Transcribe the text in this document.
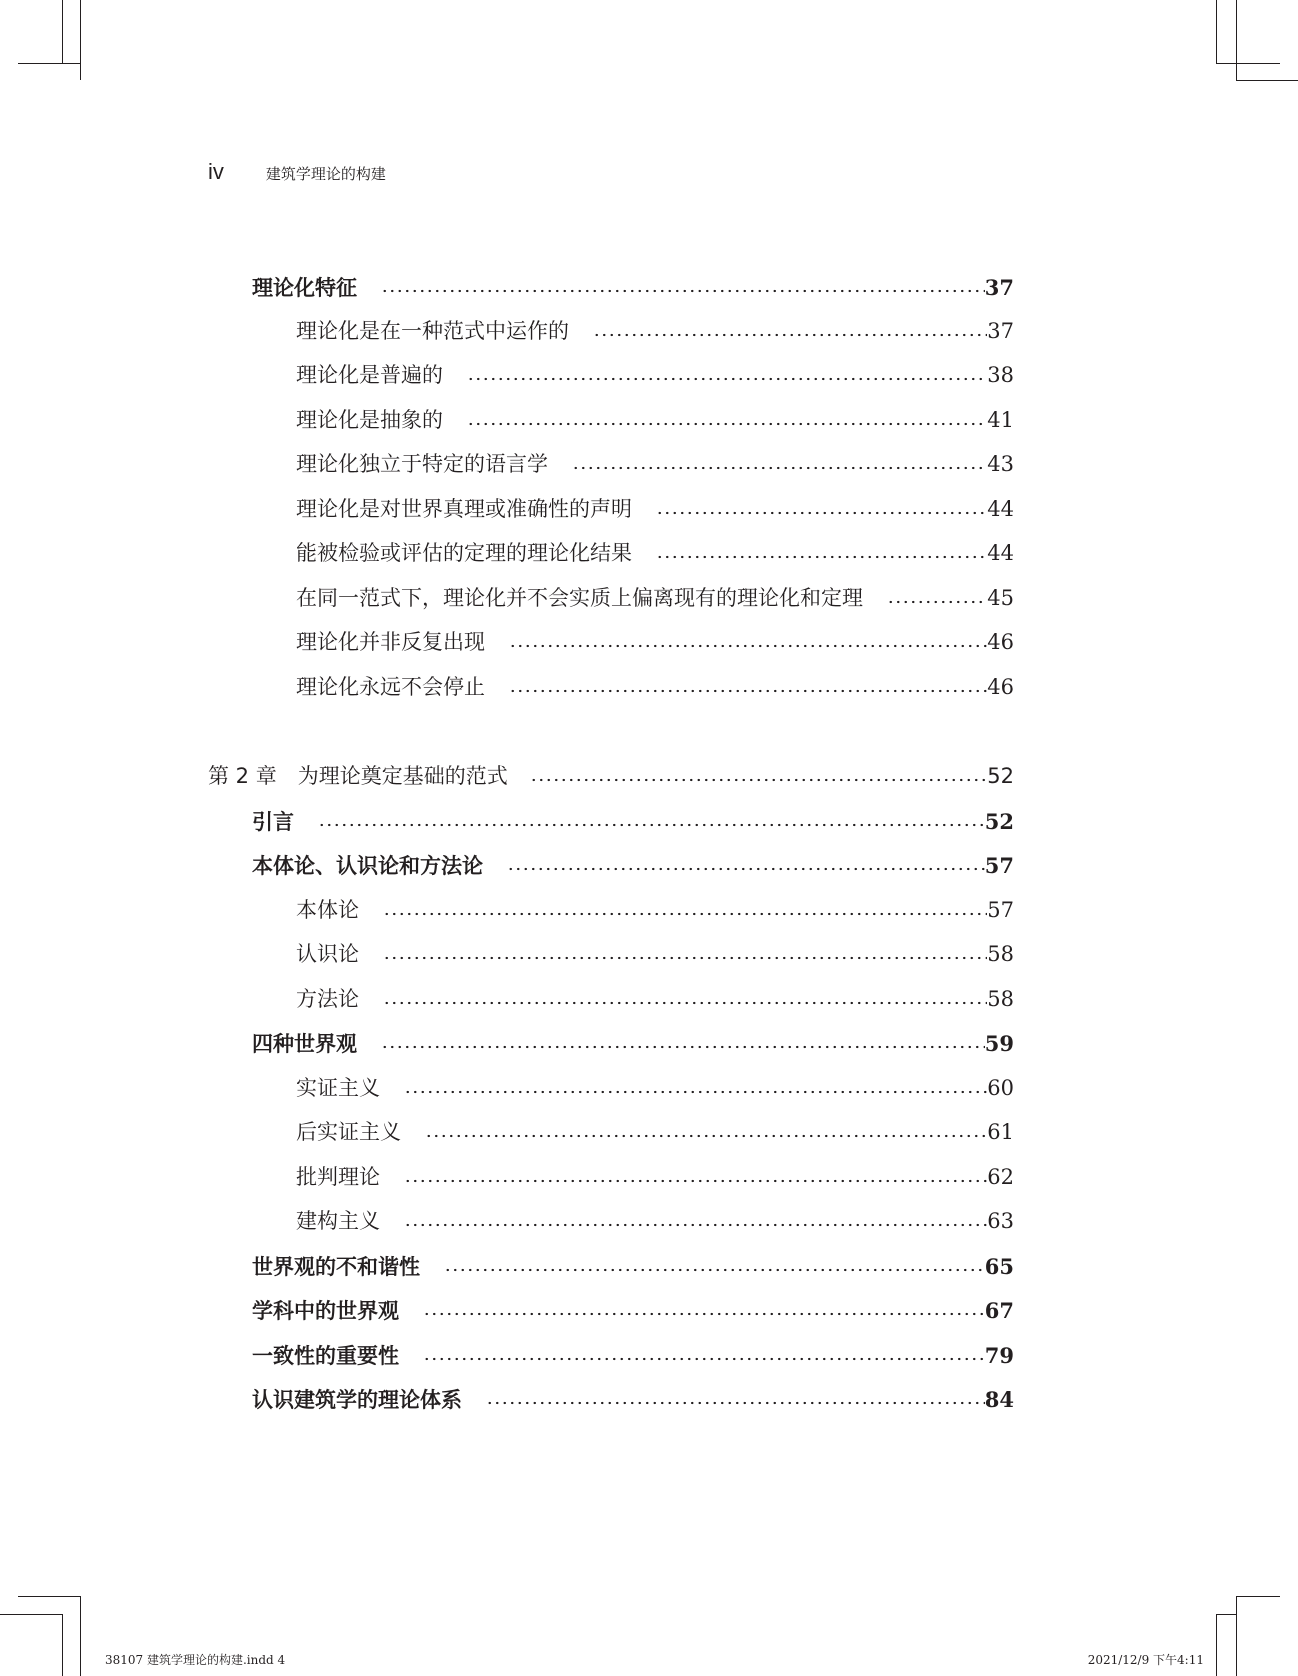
iv	建筑学理论的构建
理论化特征	37
理论化是在一种范式中运作的	37
理论化是普遍的	38
理论化是抽象的	41
理论化独立于特定的语言学	43
理论化是对世界真理或准确性的声明	44
能被检验或评估的定理的理论化结果	44
在同一范式下，理论化并不会实质上偏离现有的理论化和定理	45
理论化并非反复出现	46
理论化永远不会停止	46
第 2 章　为理论奠定基础的范式	52
引言	52
本体论、认识论和方法论	57
本体论	57
认识论	58
方法论	58
四种世界观	59
实证主义	60
后实证主义	61
批判理论	62
建构主义	63
世界观的不和谐性	65
学科中的世界观	67
一致性的重要性	79
认识建筑学的理论体系	84
38107 建筑学理论的构建.indd 4	2021/12/9 下午4:11
